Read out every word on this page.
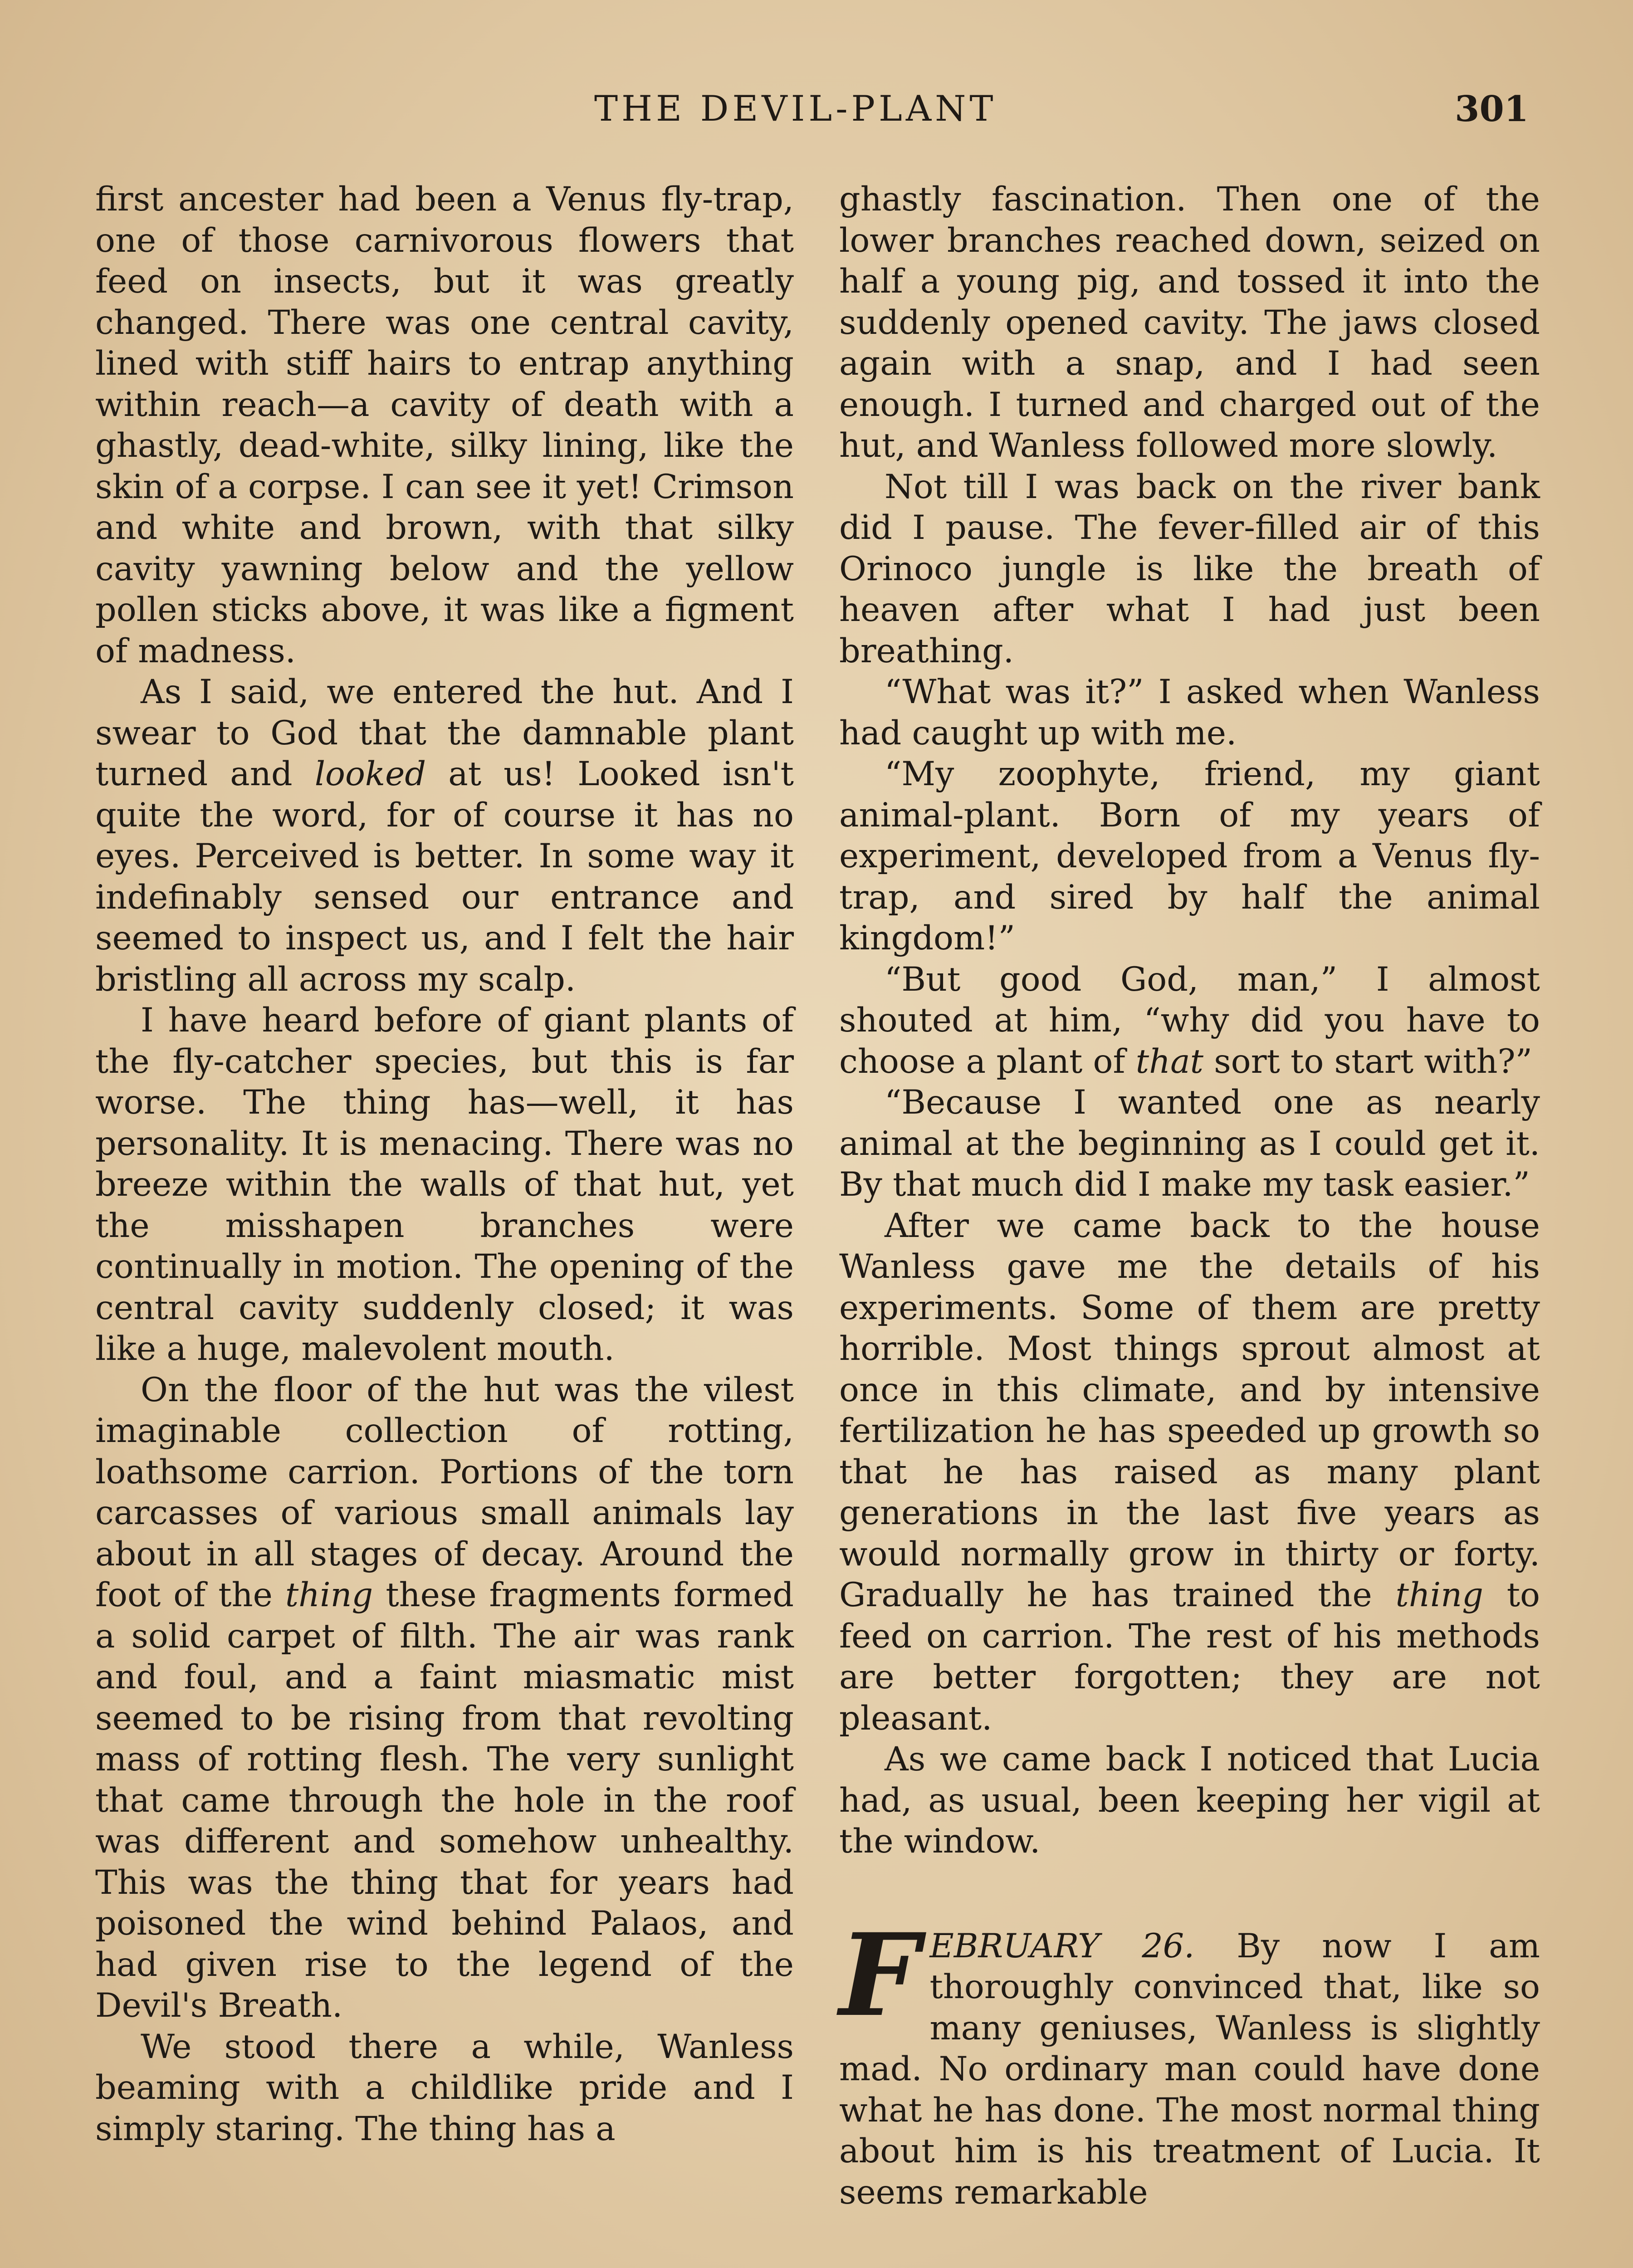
THE DEVIL-PLANT	301

first ancester had been a Venus fly-trap, one of those carnivorous flowers that feed on insects, but it was greatly changed. There was one central cavity, lined with stiff hairs to entrap anything within reach—a cavity of death with a ghastly, dead-white, silky lining, like the skin of a corpse. I can see it yet! Crimson and white and brown, with that silky cavity yawning below and the yellow pollen sticks above, it was like a figment of madness.

As I said, we entered the hut. And I swear to God that the damnable plant turned and looked at us! Looked isn't quite the word, for of course it has no eyes. Perceived is better. In some way it indefinably sensed our entrance and seemed to inspect us, and I felt the hair bristling all across my scalp.

I have heard before of giant plants of the fly-catcher species, but this is far worse. The thing has—well, it has personality. It is menacing. There was no breeze within the walls of that hut, yet the misshapen branches were continually in motion. The opening of the central cavity suddenly closed; it was like a huge, malevolent mouth.

On the floor of the hut was the vilest imaginable collection of rotting, loathsome carrion. Portions of the torn carcasses of various small animals lay about in all stages of decay. Around the foot of the thing these fragments formed a solid carpet of filth. The air was rank and foul, and a faint miasmatic mist seemed to be rising from that revolting mass of rotting flesh. The very sunlight that came through the hole in the roof was different and somehow unhealthy. This was the thing that for years had poisoned the wind behind Palaos, and had given rise to the legend of the Devil's Breath.

We stood there a while, Wanless beaming with a childlike pride and I simply staring. The thing has a

ghastly fascination. Then one of the lower branches reached down, seized on half a young pig, and tossed it into the suddenly opened cavity. The jaws closed again with a snap, and I had seen enough. I turned and charged out of the hut, and Wanless followed more slowly.

Not till I was back on the river bank did I pause. The fever-filled air of this Orinoco jungle is like the breath of heaven after what I had just been breathing.

“What was it?” I asked when Wanless had caught up with me.

“My zoophyte, friend, my giant animal-plant. Born of my years of experiment, developed from a Venus fly-trap, and sired by half the animal kingdom!”

“But good God, man,” I almost shouted at him, “why did you have to choose a plant of that sort to start with?”

“Because I wanted one as nearly animal at the beginning as I could get it. By that much did I make my task easier.”

After we came back to the house Wanless gave me the details of his experiments. Some of them are pretty horrible. Most things sprout almost at once in this climate, and by intensive fertilization he has speeded up growth so that he has raised as many plant generations in the last five years as would normally grow in thirty or forty. Gradually he has trained the thing to feed on carrion. The rest of his methods are better forgotten; they are not pleasant.

As we came back I noticed that Lucia had, as usual, been keeping her vigil at the window.

FEBRUARY 26. By now I am thoroughly convinced that, like so many geniuses, Wanless is slightly mad. No ordinary man could have done what he has done. The most normal thing about him is his treatment of Lucia. It seems remarkable
